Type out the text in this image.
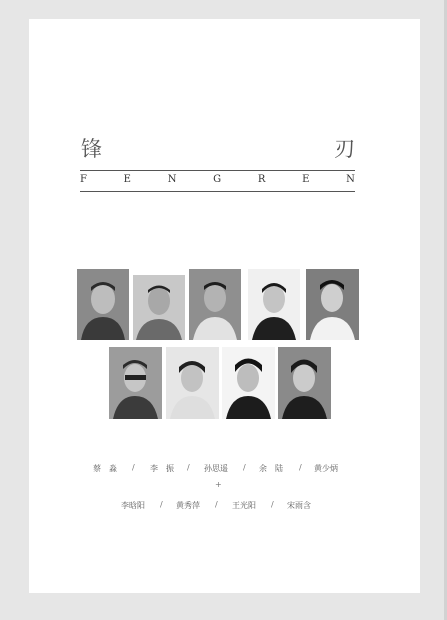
锋	刃
F	E	N	G	R	E	N
蔡　淼 / 李　振 / 孙思遥 / 余　陆 / 黄少炳
+
李晗阳 / 黄秀萍 / 王光阳 / 宋雨含
